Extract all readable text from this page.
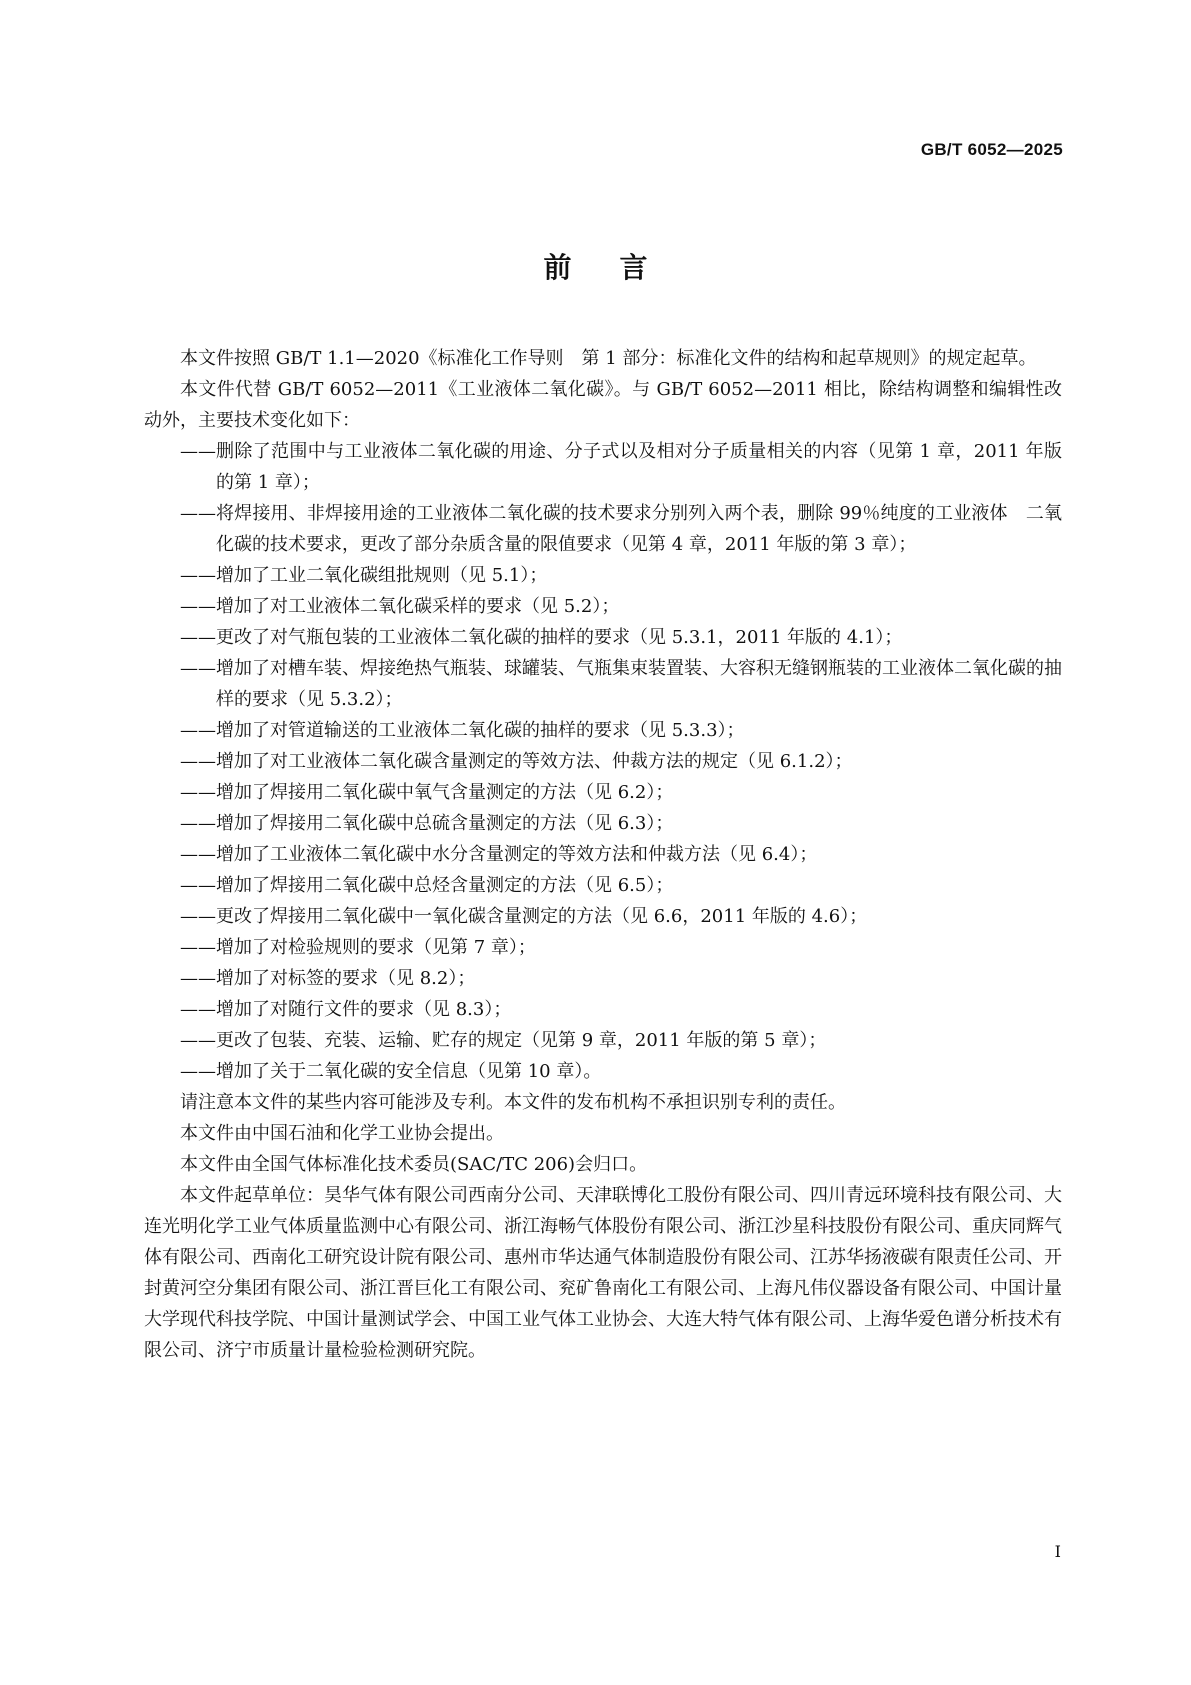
GB/T 6052—2025
前言

本文件按照 GB/T 1.1—2020《标准化工作导则　第 1 部分：标准化文件的结构和起草规则》的规定起草。

本文件代替 GB/T 6052—2011《工业液体二氧化碳》。与 GB/T 6052—2011 相比，除结构调整和编辑性改动外，主要技术变化如下：

—— 删除了范围中与工业液体二氧化碳的用途、分子式以及相对分子质量相关的内容（见第 1 章，2011 年版的第 1 章）；
—— 将焊接用、非焊接用途的工业液体二氧化碳的技术要求分别列入两个表，删除 99％纯度的工业液体　二氧化碳的技术要求，更改了部分杂质含量的限值要求（见第 4 章，2011 年版的第 3 章）；
—— 增加了工业二氧化碳组批规则（见 5.1）；
—— 增加了对工业液体二氧化碳采样的要求（见 5.2）；
—— 更改了对气瓶包装的工业液体二氧化碳的抽样的要求（见 5.3.1，2011 年版的 4.1）；
—— 增加了对槽车装、焊接绝热气瓶装、球罐装、气瓶集束装置装、大容积无缝钢瓶装的工业液体二氧化碳的抽样的要求（见 5.3.2）；
—— 增加了对管道输送的工业液体二氧化碳的抽样的要求（见 5.3.3）；
—— 增加了对工业液体二氧化碳含量测定的等效方法、仲裁方法的规定（见 6.1.2）；
—— 增加了焊接用二氧化碳中氧气含量测定的方法（见 6.2）；
—— 增加了焊接用二氧化碳中总硫含量测定的方法（见 6.3）；
—— 增加了工业液体二氧化碳中水分含量测定的等效方法和仲裁方法（见 6.4）；
—— 增加了焊接用二氧化碳中总烃含量测定的方法（见 6.5）；
—— 更改了焊接用二氧化碳中一氧化碳含量测定的方法（见 6.6，2011 年版的 4.6）；
—— 增加了对检验规则的要求（见第 7 章）；
—— 增加了对标签的要求（见 8.2）；
—— 增加了对随行文件的要求（见 8.3）；
—— 更改了包装、充装、运输、贮存的规定（见第 9 章，2011 年版的第 5 章）；
—— 增加了关于二氧化碳的安全信息（见第 10 章）。

请注意本文件的某些内容可能涉及专利。本文件的发布机构不承担识别专利的责任。

本文件由中国石油和化学工业协会提出。

本文件由全国气体标准化技术委员(SAC/TC 206)会归口。

本文件起草单位：昊华气体有限公司西南分公司、天津联博化工股份有限公司、四川青远环境科技有限公司、大连光明化学工业气体质量监测中心有限公司、浙江海畅气体股份有限公司、浙江沙星科技股份有限公司、重庆同辉气体有限公司、西南化工研究设计院有限公司、惠州市华达通气体制造股份有限公司、江苏华扬液碳有限责任公司、开封黄河空分集团有限公司、浙江晋巨化工有限公司、兖矿鲁南化工有限公司、上海凡伟仪器设备有限公司、中国计量大学现代科技学院、中国计量测试学会、中国工业气体工业协会、大连大特气体有限公司、上海华爱色谱分析技术有限公司、济宁市质量计量检验检测研究院。

I
